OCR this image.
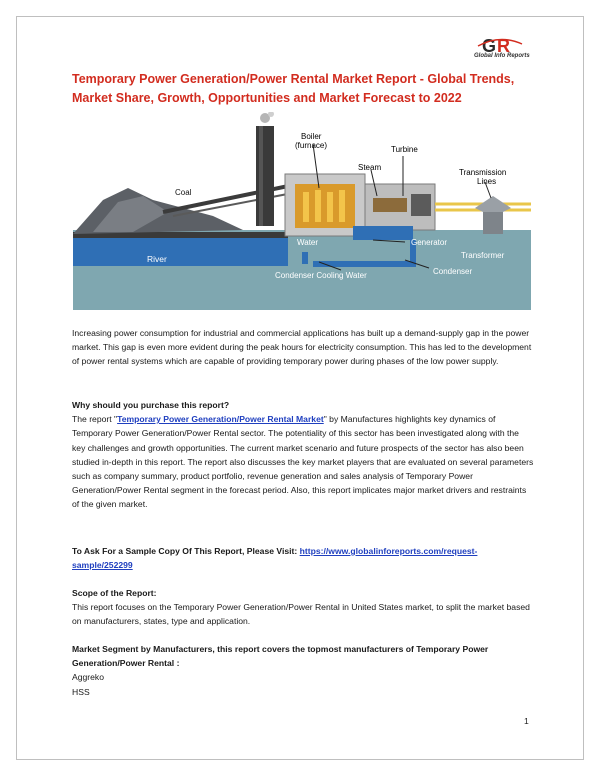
G R
Global Info Reports
Temporary Power Generation/Power Rental Market Report - Global Trends, Market Share, Growth, Opportunities and Market Forecast to 2022
Boiler
(furnace)	Turbine
Steam
Transmission
Lines
Coal
Water	Generator
River	Transformer
Condenser
Condenser Cooling Water

Increasing power consumption for industrial and commercial applications has built up a demand-supply gap in the power market. This gap is even more evident during the peak hours for electricity consumption. This has led to the development of power rental systems which are capable of providing temporary power during phases of the low power supply.

Why should you purchase this report?

The report "Temporary Power Generation/Power Rental Market" by Manufactures highlights key dynamics of Temporary Power Generation/Power Rental sector. The potentiality of this sector has been investigated along with the key challenges and growth opportunities. The current market scenario and future prospects of the sector has also been studied in-depth in this report. The report also discusses the key market players that are evaluated on several parameters such as company summary, product portfolio, revenue generation and sales analysis of Temporary Power Generation/Power Rental segment in the forecast period. Also, this report implicates major market drivers and restraints of the given market.

To Ask For a Sample Copy Of This Report, Please Visit: https://www.globalinforeports.com/request-sample/252299

Scope of the Report:

This report focuses on the Temporary Power Generation/Power Rental in United States market, to split the market based on manufacturers, states, type and application.

Market Segment by Manufacturers, this report covers the topmost manufacturers of Temporary Power Generation/Power Rental :

Aggreko

HSS

1
